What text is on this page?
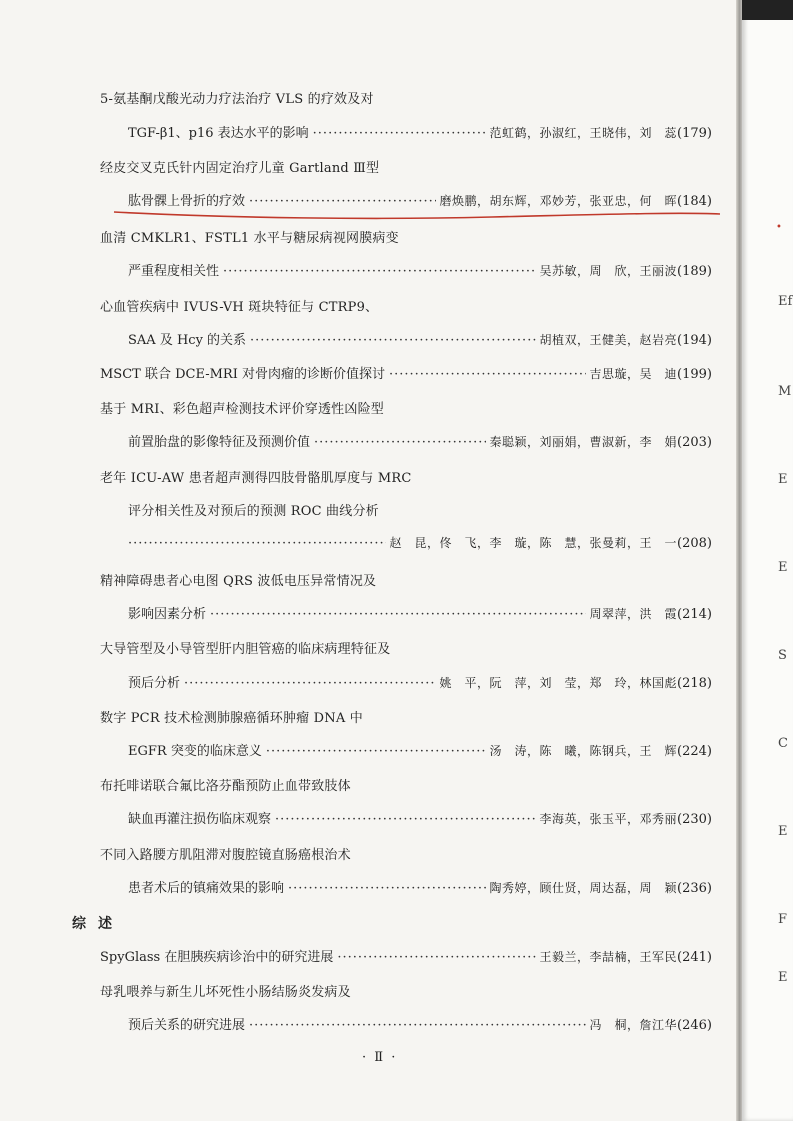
5-氨基酮戊酸光动力疗法治疗 VLS 的疗效及对
TGF-β1、p16 表达水平的影响 ·····	范虹鹤，孙淑红，王晓伟，刘　蕊 (179)
经皮交叉克氏针内固定治疗儿童 Gartland Ⅲ型
肱骨髁上骨折的疗效 ·····	磨焕鹏，胡东辉，邓妙芳，张亚忠，何　晖 (184)
血清 CMKLR1、FSTL1 水平与糖尿病视网膜病变
严重程度相关性 ·····	吴苏敏，周　欣，王丽波 (189)
心血管疾病中 IVUS-VH 斑块特征与 CTRP9、
SAA 及 Hcy 的关系 ·····	胡植双，王健美，赵岩亮 (194)
MSCT 联合 DCE-MRI 对骨肉瘤的诊断价值探讨 ·····	吉思璇，吴　迪 (199)
基于 MRI、彩色超声检测技术评价穿透性凶险型
前置胎盘的影像特征及预测价值 ·····	秦聪颖，刘丽娟，曹淑新，李　娟 (203)
老年 ICU-AW 患者超声测得四肢骨骼肌厚度与 MRC
评分相关性及对预后的预测 ROC 曲线分析
·····
赵　昆，佟　飞，李　璇，陈　慧，张曼莉，王　一 (208)
精神障碍患者心电图 QRS 波低电压异常情况及
影响因素分析 ·····	周翠萍，洪　霞 (214)
大导管型及小导管型肝内胆管癌的临床病理特征及
预后分析 ·····	姚　平，阮　萍，刘　莹，郑　玲，林国彪 (218)
数字 PCR 技术检测肺腺癌循环肿瘤 DNA 中
EGFR 突变的临床意义 ·····	汤　涛，陈　曦，陈钢兵，王　辉 (224)
布托啡诺联合氟比洛芬酯预防止血带致肢体
缺血再灌注损伤临床观察 ·····	李海英，张玉平，邓秀丽 (230)
不同入路腰方肌阻滞对腹腔镜直肠癌根治术
患者术后的镇痛效果的影响 ·····	陶秀婷，顾仕贤，周达磊，周　颖 (236)
综述
SpyGlass 在胆胰疾病诊治中的研究进展 ·····	王毅兰，李喆楠，王军民 (241)
母乳喂养与新生儿坏死性小肠结肠炎发病及
预后关系的研究进展 ·····	冯　桐，詹江华 (246)
· Ⅱ ·
Ef
M
E
E
S
C
E
F
E
•
